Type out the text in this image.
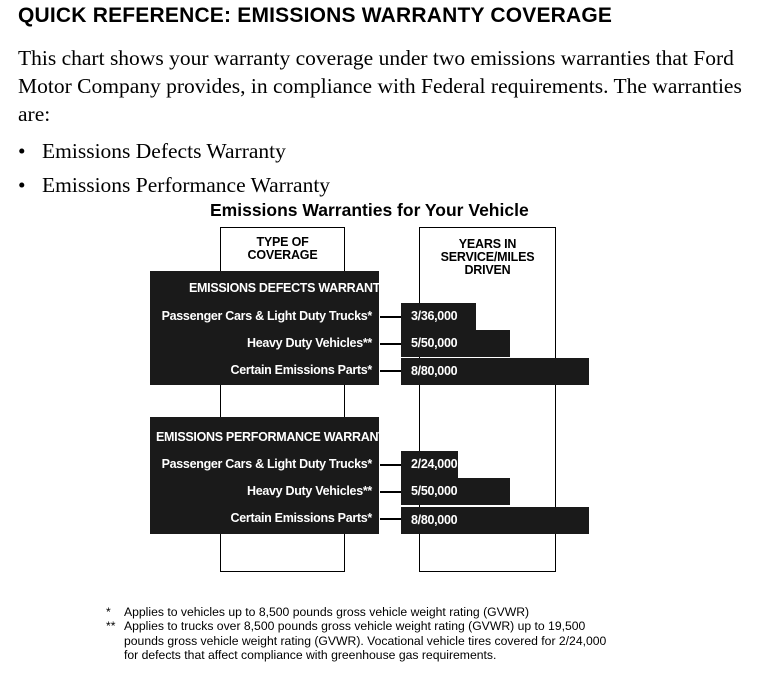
QUICK REFERENCE: EMISSIONS WARRANTY COVERAGE
This chart shows your warranty coverage under two emissions warranties that Ford Motor Company provides, in compliance with Federal requirements. The warranties are:
• Emissions Defects Warranty
• Emissions Performance Warranty
Emissions Warranties for Your Vehicle
TYPE OF
COVERAGE
YEARS IN
SERVICE/MILES
DRIVEN
EMISSIONS DEFECTS WARRANTY
Passenger Cars & Light Duty Trucks*
Heavy Duty Vehicles**
Certain Emissions Parts*
3/36,000
5/50,000
8/80,000
EMISSIONS PERFORMANCE WARRANTY
Passenger Cars & Light Duty Trucks*
Heavy Duty Vehicles**
Certain Emissions Parts*
2/24,000
5/50,000
8/80,000
* Applies to vehicles up to 8,500 pounds gross vehicle weight rating (GVWR)
** Applies to trucks over 8,500 pounds gross vehicle weight rating (GVWR) up to 19,500
pounds gross vehicle weight rating (GVWR). Vocational vehicle tires covered for 2/24,000
for defects that affect compliance with greenhouse gas requirements.
